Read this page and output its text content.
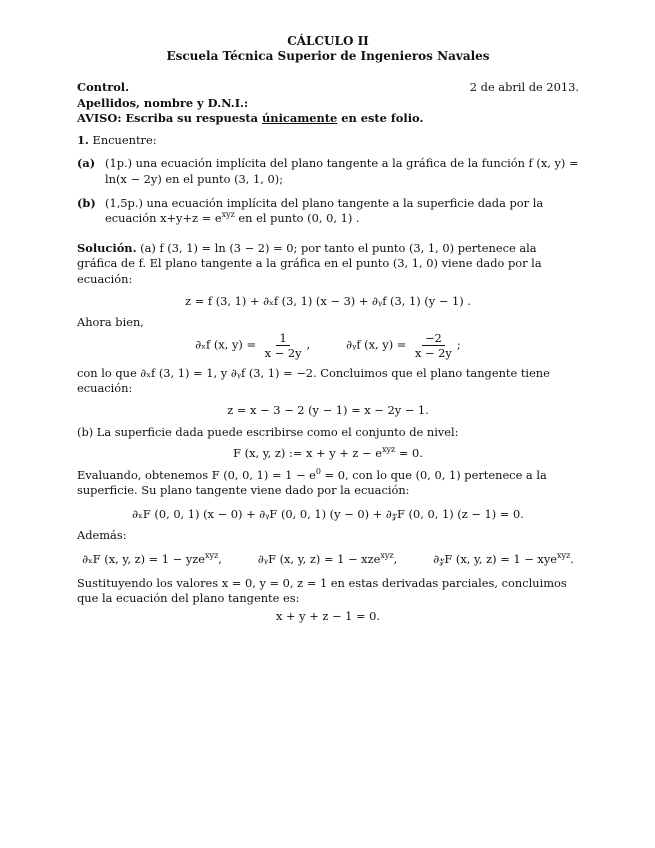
CÁLCULO II
Escuela Técnica Superior de Ingenieros Navales
Control.	2 de abril de 2013.
Apellidos, nombre y D.N.I.:
AVISO: Escriba su respuesta únicamente en este folio.
1. Encuentre:
(a) (1p.) una ecuación implícita del plano tangente a la gráfica de la función f (x, y) = ln(x − 2y) en el punto (3, 1, 0);
(b) (1,5p.) una ecuación implícita del plano tangente a la superficie dada por la ecuación $x+y+z = e^{xyz}$ en el punto (0, 0, 1) .
Solución. (a) f (3, 1) = ln (3 − 2) = 0; por tanto el punto (3, 1, 0) pertenece ala gráfica de f. El plano tangente a la gráfica en el punto (3, 1, 0) viene dado por la ecuación:
z = f (3, 1) + ∂ₓf (3, 1) (x − 3) + ∂ᵧf (3, 1) (y − 1) .
Ahora bien,
∂ₓf (x, $y) = \frac{1}{x - 2y}$ ,	∂ᵧf (x, $y) = \frac{-2}{x - 2y}$ ;
con lo que ∂ₓf (3, 1) = 1, y ∂ᵧf (3, 1) = −2. Concluimos que el plano tangente tiene ecuación:
z = x − 3 − 2 (y − 1) = x − 2y − 1.
(b) La superficie dada puede escribirse como el conjunto de nivel:
F (x, y, z) := $x + y + z - e^{xyz} = 0$.
Evaluando, obtenemos F (0, 0, $1) = 1 - e^0 = 0$, con lo que (0, 0, 1) pertenece a la superficie. Su plano tangente viene dado por la ecuación:
∂ₓF (0, 0, 1) (x − 0) + ∂ᵧF (0, 0, 1) (y − 0) + ∂𝓏F (0, 0, 1) (z − 1) = 0.
Además:
∂ₓF (x, y, z) = 1 − yze$^{xyz}$,	∂ᵧF (x, y, z) = 1 − xze$^{xyz}$,	∂𝓏F (x, y, z) = 1 − xye$^{xyz}$.
Sustituyendo los valores x = 0, y = 0, z = 1 en estas derivadas parciales, concluimos que la ecuación del plano tangente es:
x + y + z − 1 = 0.
